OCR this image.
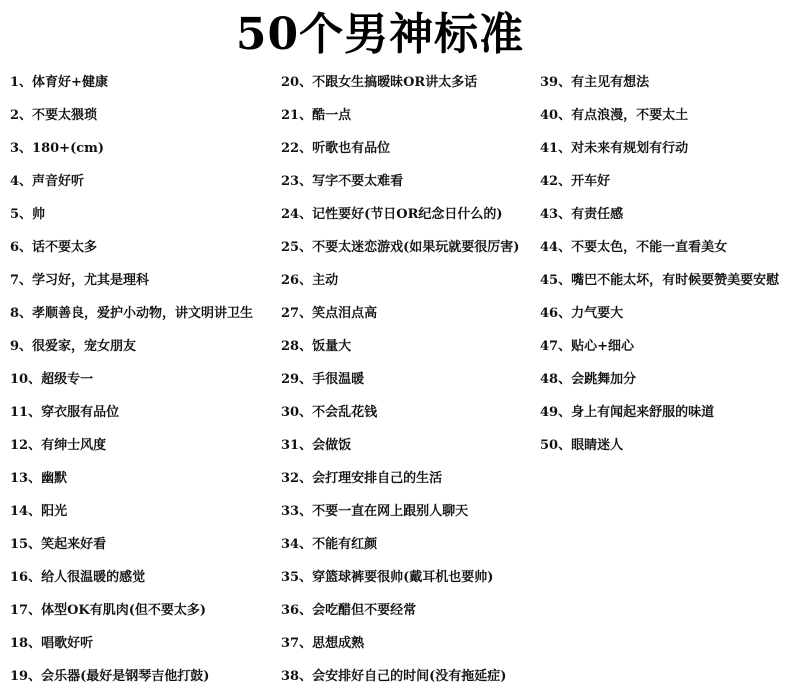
50个男神标准
1、体育好+健康
2、不要太猥琐
3、180+(cm)
4、声音好听
5、帅
6、话不要太多
7、学习好，尤其是理科
8、孝顺善良，爱护小动物，讲文明讲卫生
9、很爱家，宠女朋友
10、超级专一
11、穿衣服有品位
12、有绅士风度
13、幽默
14、阳光
15、笑起来好看
16、给人很温暖的感觉
17、体型OK有肌肉(但不要太多)
18、唱歌好听
19、会乐器(最好是钢琴吉他打鼓)
20、不跟女生搞暧昧OR讲太多话
21、酷一点
22、听歌也有品位
23、写字不要太难看
24、记性要好(节日OR纪念日什么的)
25、不要太迷恋游戏(如果玩就要很厉害)
26、主动
27、笑点泪点高
28、饭量大
29、手很温暖
30、不会乱花钱
31、会做饭
32、会打理安排自己的生活
33、不要一直在网上跟别人聊天
34、不能有红颜
35、穿篮球裤要很帅(戴耳机也要帅)
36、会吃醋但不要经常
37、思想成熟
38、会安排好自己的时间(没有拖延症)
39、有主见有想法
40、有点浪漫，不要太土
41、对未来有规划有行动
42、开车好
43、有责任感
44、不要太色，不能一直看美女
45、嘴巴不能太坏，有时候要赞美要安慰
46、力气要大
47、贴心+细心
48、会跳舞加分
49、身上有闻起来舒服的味道
50、眼睛迷人
